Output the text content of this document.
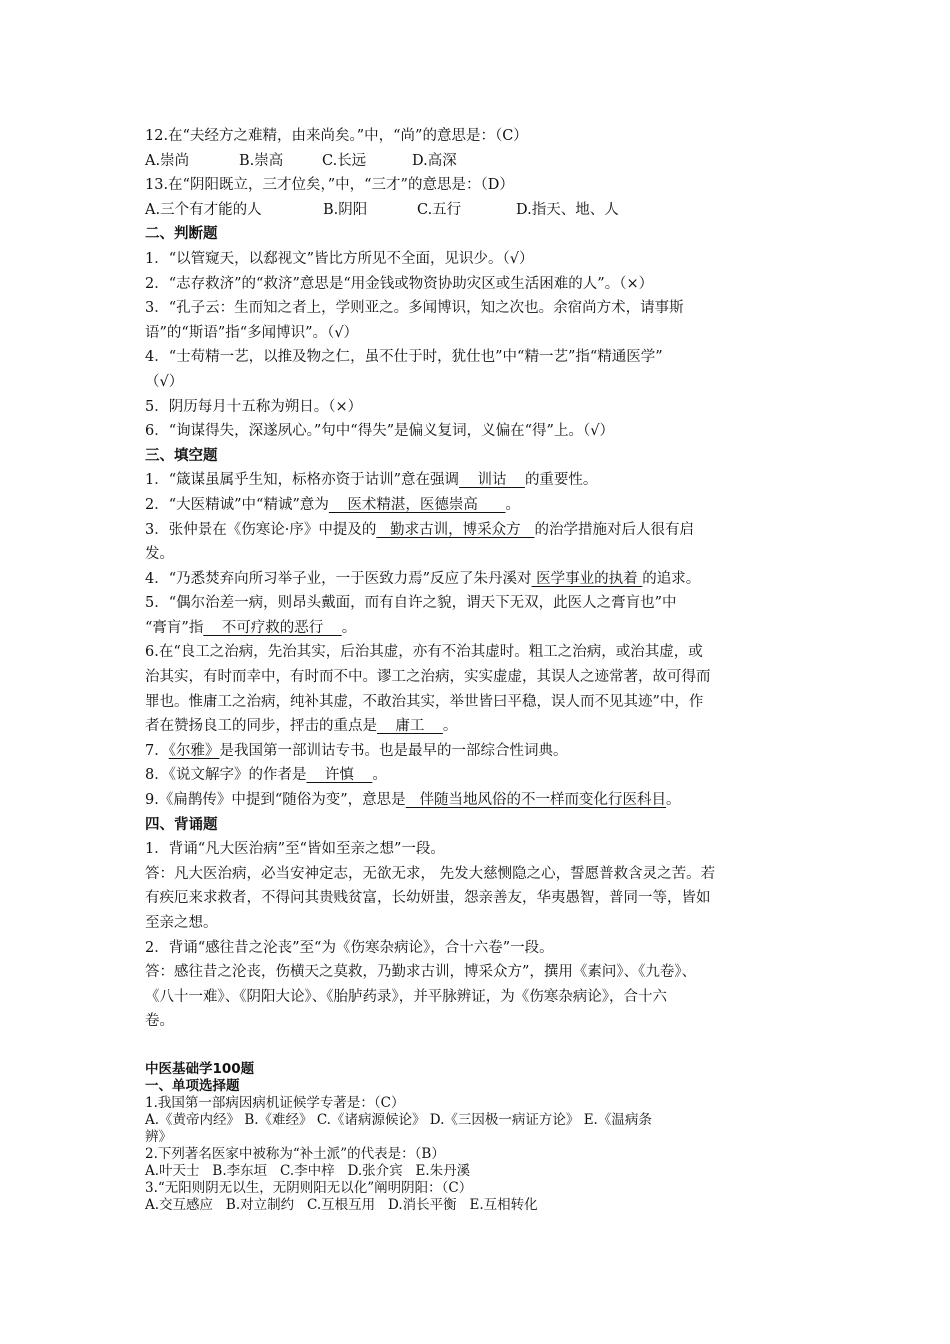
12.在“夫经方之难精，由来尚矣。”中，“尚”的意思是：（C）
A.崇尚	B.崇高	C.长远	D.高深
13.在“阴阳既立，三才位矣，”中，“三才”的意思是：（D）
A.三个有才能的人	B.阴阳	C.五行	D.指天、地、人
二、判断题
1．“以管窥天，以郄视文”皆比方所见不全面，见识少。（√）
2．“志存救济”的“救济”意思是“用金钱或物资协助灾区或生活困难的人”。（×）
3．“孔子云：生而知之者上，学则亚之。多闻博识，知之次也。余宿尚方术，请事斯
语”的“斯语”指“多闻博识”。（√）
4．“士苟精一艺，以推及物之仁，虽不仕于时，犹仕也”中“精一艺”指“精通医学”
（√）
5．阴历每月十五称为朔日。（×）
6．“询谋得失，深遂夙心。”句中“得失”是偏义复词，义偏在“得”上。（√）
三、填空题
1．“箴谋虽属乎生知，标格亦资于诂训”意在强调    训诂    的重要性。
2．“大医精诚”中“精诚”意为    医术精湛，医德崇高      。
3．张仲景在《伤寒论·序》中提及的   勤求古训，博采众方   的治学措施对后人很有启
发。
4．“乃悉焚弃向所习举子业，一于医致力焉”反应了朱丹溪对 医学事业的执着 的追求。
5．“偶尔治差一病，则昂头戴面，而有自许之貌，谓天下无双，此医人之膏肓也”中
“膏肓”指    不可疗救的恶行    。
6.在“良工之治病，先治其实，后治其虚，亦有不治其虚时。粗工之治病，或治其虚，或
治其实，有时而幸中，有时而不中。谬工之治病，实实虚虚，其误人之迹常著，故可得而
罪也。惟庸工之治病，纯补其虚，不敢治其实，举世皆曰平稳，误人而不见其迹”中，作
者在赞扬良工的同步，抨击的重点是    庸工    。
7．《尔雅》是我国第一部训诂专书。也是最早的一部综合性词典。
8．《说文解字》的作者是    许慎    。
9.《扁鹊传》中提到“随俗为变”，意思是   伴随当地风俗的不一样而变化行医科目。
四、背诵题
1．背诵“凡大医治病”至“皆如至亲之想”一段。
答：凡大医治病，必当安神定志，无欲无求， 先发大慈恻隐之心，誓愿普救含灵之苦。若
有疾厄来求救者，不得问其贵贱贫富，长幼妍蚩，怨亲善友，华夷愚智，普同一等，皆如
至亲之想。
2．背诵“感往昔之沦丧”至“为《伤寒杂病论》，合十六卷”一段。
答：感往昔之沦丧，伤横天之莫救，乃勤求古训，博采众方”，撰用《素问》、《九卷》、
《八十一难》、《阴阳大论》、《胎胪药录》，并平脉辨证，为《伤寒杂病论》，合十六
卷。
中医基础学100题
一、单项选择题
1.我国第一部病因病机证候学专著是：（C）
A.《黄帝内经》 B.《难经》 C.《诸病源候论》 D.《三因极一病证方论》 E.《温病条
辨》
2.下列著名医家中被称为“补土派”的代表是：（B）
A.叶天士   B.李东垣   C.李中梓   D.张介宾   E.朱丹溪
3.“无阳则阴无以生，无阴则阳无以化”阐明阴阳：（C）
A.交互感应   B.对立制约   C.互根互用   D.消长平衡   E.互相转化
